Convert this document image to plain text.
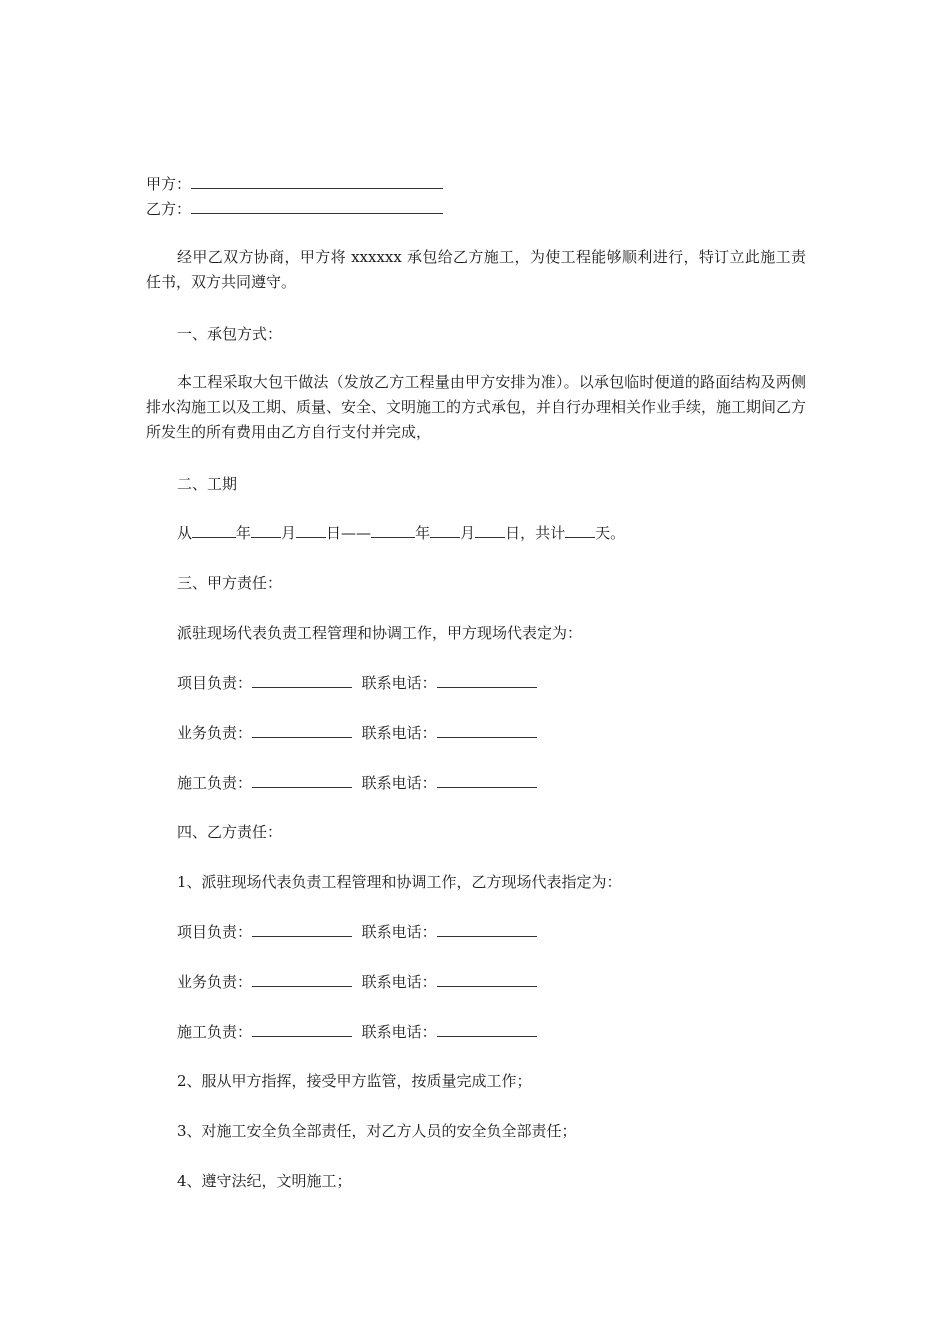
甲方：
乙方：
经甲乙双方协商，甲方将 xxxxxx 承包给乙方施工，为使工程能够顺利进行，特订立此施工责任书，双方共同遵守。
一、承包方式：
本工程采取大包干做法（发放乙方工程量由甲方安排为准）。以承包临时便道的路面结构及两侧排水沟施工以及工期、质量、安全、文明施工的方式承包，并自行办理相关作业手续，施工期间乙方所发生的所有费用由乙方自行支付并完成，
二、工期
从	年 月 日——	年 月 日，共计 天。
三、甲方责任：
派驻现场代表负责工程管理和协调工作，甲方现场代表定为：
项目负责：	联系电话：
业务负责：	联系电话：
施工负责：	联系电话：
四、乙方责任：
1、派驻现场代表负责工程管理和协调工作，乙方现场代表指定为：
项目负责：	联系电话：
业务负责：	联系电话：
施工负责：	联系电话：
2、服从甲方指挥，接受甲方监管，按质量完成工作；
3、对施工安全负全部责任，对乙方人员的安全负全部责任；
4、遵守法纪，文明施工；
